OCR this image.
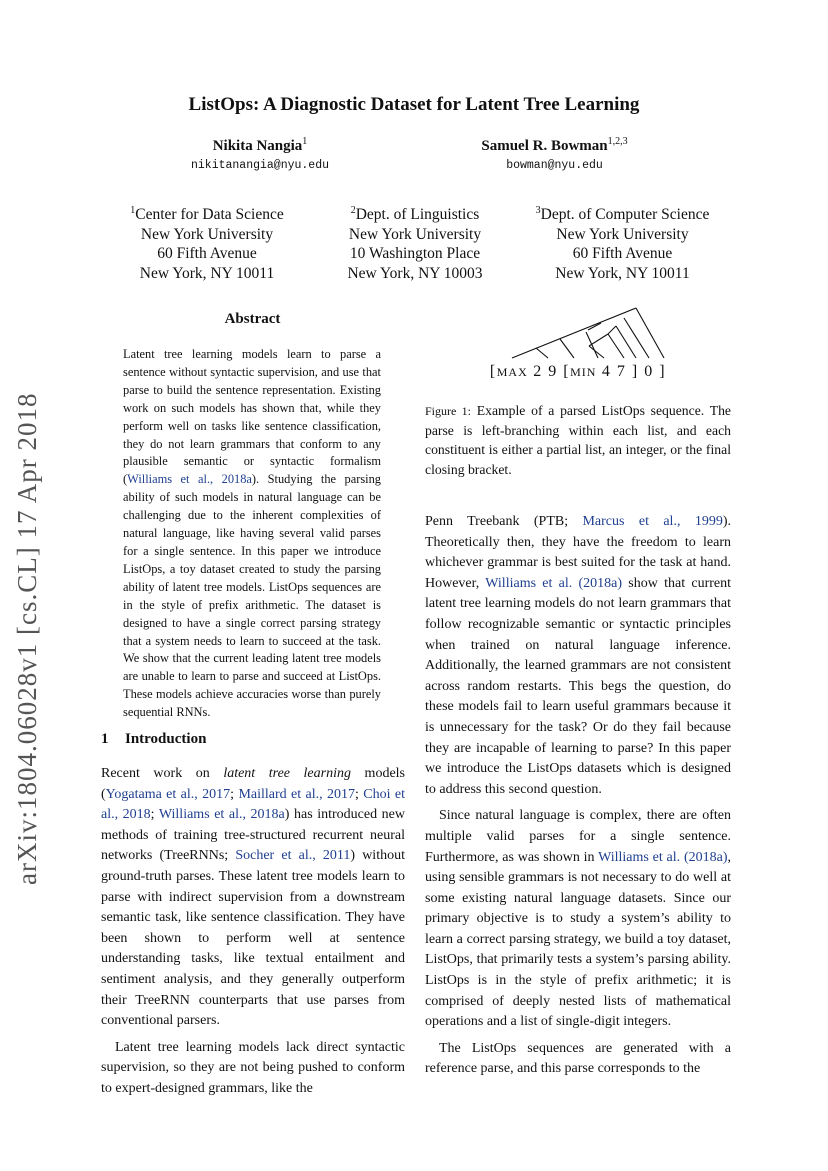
arXiv:1804.06028v1 [cs.CL] 17 Apr 2018
ListOps: A Diagnostic Dataset for Latent Tree Learning
Nikita Nangia$^1$
nikitanangia@nyu.edu
Samuel R. Bowman$^{1,2,3}$
bowman@nyu.edu
$^1$Center for Data Science
New York University
60 Fifth Avenue
New York, NY 10011
$^2$Dept. of Linguistics
New York University
10 Washington Place
New York, NY 10003
$^3$Dept. of Computer Science
New York University
60 Fifth Avenue
New York, NY 10011
Abstract
Latent tree learning models learn to parse a sentence without syntactic supervision, and use that parse to build the sentence representation. Existing work on such models has shown that, while they perform well on tasks like sentence classification, they do not learn grammars that conform to any plausible semantic or syntactic formalism (Williams et al., 2018a). Studying the parsing ability of such models in natural language can be challenging due to the inherent complexities of natural language, like having several valid parses for a single sentence. In this paper we introduce ListOps, a toy dataset created to study the parsing ability of latent tree models. ListOps sequences are in the style of prefix arithmetic. The dataset is designed to have a single correct parsing strategy that a system needs to learn to succeed at the task. We show that the current leading latent tree models are unable to learn to parse and succeed at ListOps. These models achieve accuracies worse than purely sequential RNNs.
[MAX 2 9 [MIN 4 7 ] 0 ]
Figure 1: Example of a parsed ListOps sequence. The parse is left-branching within each list, and each constituent is either a partial list, an integer, or the final closing bracket.
1 Introduction

Recent work on latent tree learning models (Yogatama et al., 2017; Maillard et al., 2017; Choi et al., 2018; Williams et al., 2018a) has introduced new methods of training tree-structured recurrent neural networks (TreeRNNs; Socher et al., 2011) without ground-truth parses. These latent tree models learn to parse with indirect supervision from a downstream semantic task, like sentence classification. They have been shown to perform well at sentence understanding tasks, like textual entailment and sentiment analysis, and they generally outperform their TreeRNN counterparts that use parses from conventional parsers.

Latent tree learning models lack direct syntactic supervision, so they are not being pushed to conform to expert-designed grammars, like the

Penn Treebank (PTB; Marcus et al., 1999). Theoretically then, they have the freedom to learn whichever grammar is best suited for the task at hand. However, Williams et al. (2018a) show that current latent tree learning models do not learn grammars that follow recognizable semantic or syntactic principles when trained on natural language inference. Additionally, the learned grammars are not consistent across random restarts. This begs the question, do these models fail to learn useful grammars because it is unnecessary for the task? Or do they fail because they are incapable of learning to parse? In this paper we introduce the ListOps datasets which is designed to address this second question.

Since natural language is complex, there are often multiple valid parses for a single sentence. Furthermore, as was shown in Williams et al. (2018a), using sensible grammars is not necessary to do well at some existing natural language datasets. Since our primary objective is to study a system’s ability to learn a correct parsing strategy, we build a toy dataset, ListOps, that primarily tests a system’s parsing ability. ListOps is in the style of prefix arithmetic; it is comprised of deeply nested lists of mathematical operations and a list of single-digit integers.

The ListOps sequences are generated with a reference parse, and this parse corresponds to the
